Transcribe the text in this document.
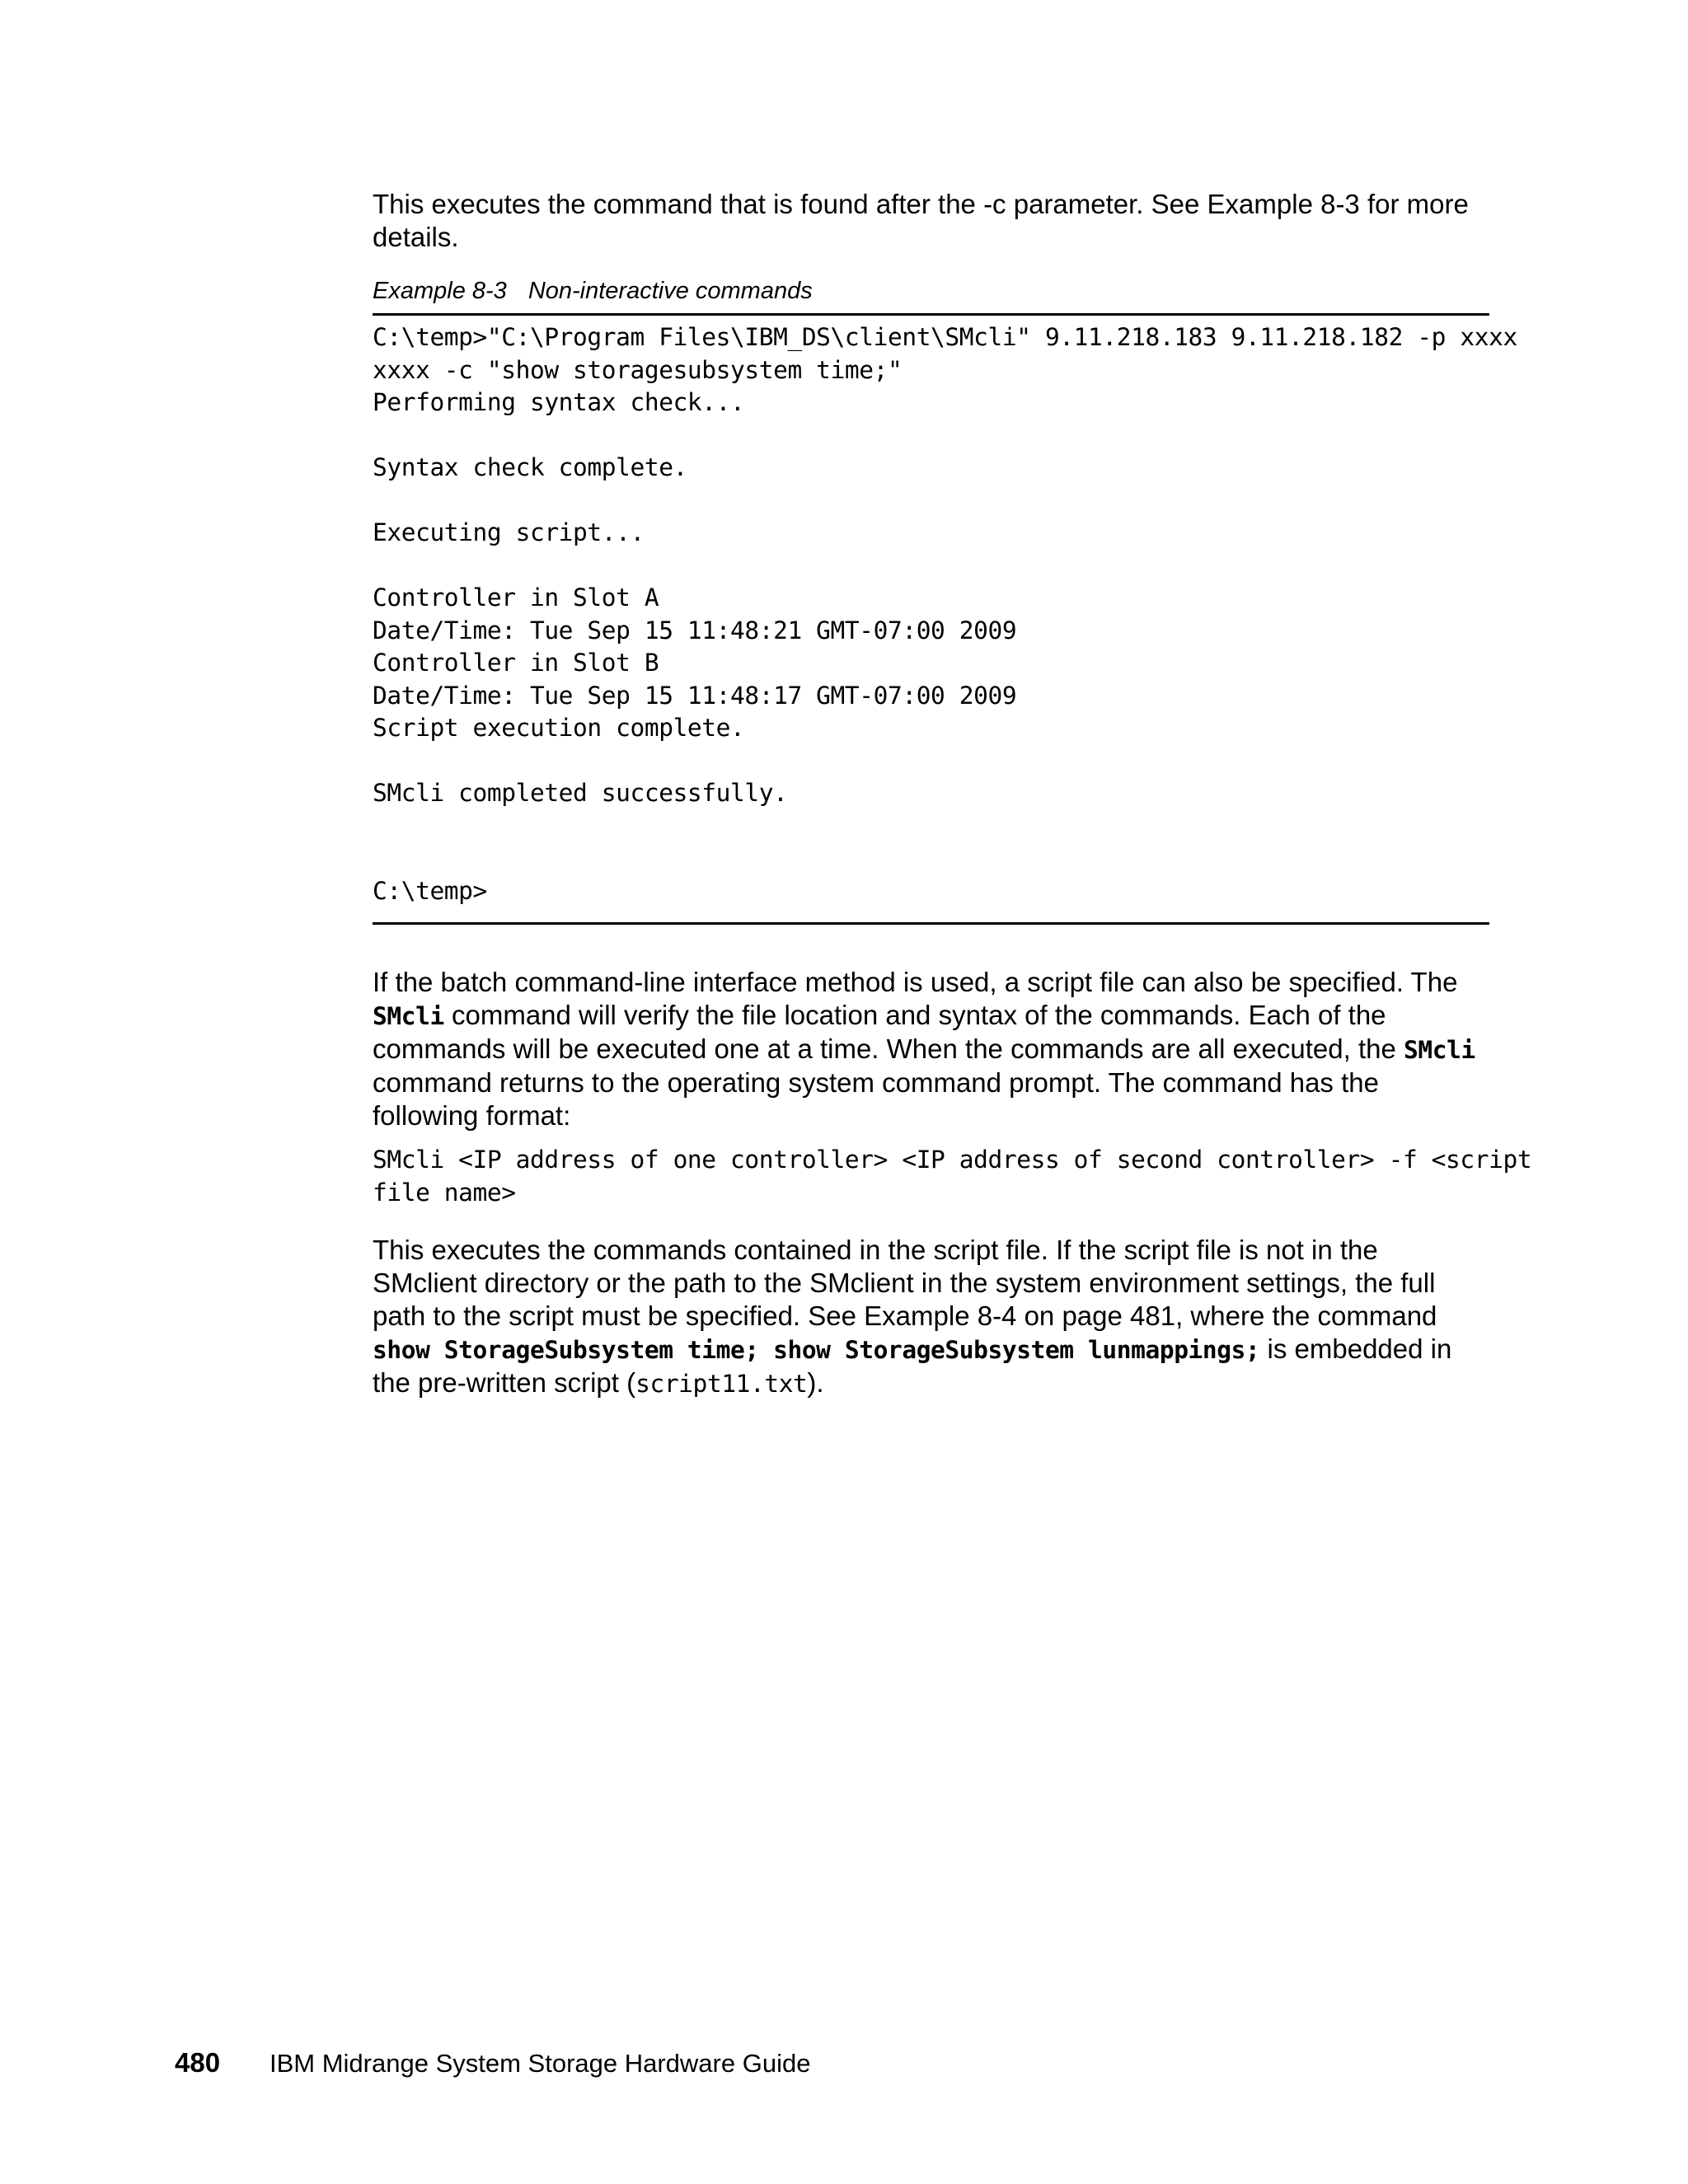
This executes the command that is found after the -c parameter. See Example 8-3 for more details.

Example 8-3 Non-interactive commands

C:\temp>"C:\Program Files\IBM_DS\client\SMcli" 9.11.218.183 9.11.218.182 -p xxxx
xxxx -c "show storagesubsystem time;"
Performing syntax check...

Syntax check complete.

Executing script...

Controller in Slot A
Date/Time: Tue Sep 15 11:48:21 GMT-07:00 2009
Controller in Slot B
Date/Time: Tue Sep 15 11:48:17 GMT-07:00 2009
Script execution complete.

SMcli completed successfully.

C:\temp>

If the batch command-line interface method is used, a script file can also be specified. The SMcli command will verify the file location and syntax of the commands. Each of the commands will be executed one at a time. When the commands are all executed, the SMcli command returns to the operating system command prompt. The command has the following format:

SMcli <IP address of one controller> <IP address of second controller> -f <script
file name>

This executes the commands contained in the script file. If the script file is not in the SMclient directory or the path to the SMclient in the system environment settings, the full path to the script must be specified. See Example 8-4 on page 481, where the command show StorageSubsystem time; show StorageSubsystem lunmappings; is embedded in the pre-written script (script11.txt).

480 IBM Midrange System Storage Hardware Guide
